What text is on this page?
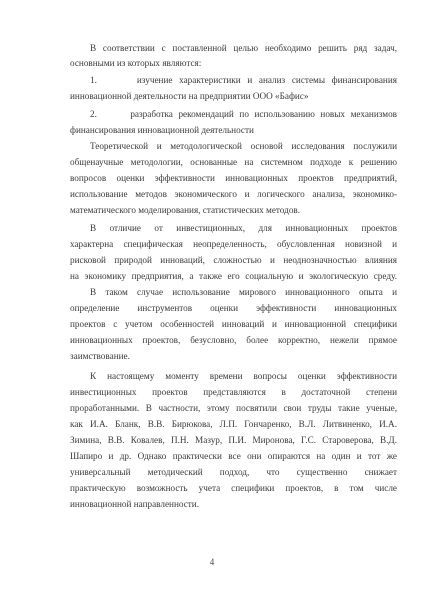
В соответствии с поставленной целью необходимо решить ряд задач,
основными из которых являются:
1.      изучение характеристики и анализ системы финансирования
инновационной деятельности на предприятии ООО «Бафис»
2.      разработка рекомендаций по использованию новых механизмов
финансирования инновационной деятельности
Теоретической и методологической основой исследования послужили
общенаучные методологии, основанные на системном подходе к решению
вопросов оценки эффективности инновационных проектов предприятий,
использование методов экономического и логического анализа, экономико-
математического моделирования, статистических методов.
В отличие от инвестиционных, для инновационных проектов
характерна специфическая неопределенность, обусловленная новизной и
рисковой природой инноваций, сложностью и неоднозначностью влияния
на экономику предприятия, а также его социальную и экологическую среду.
В таком случае использование мирового инновационного опыта и
определение инструментов оценки эффективности инновационных
проектов с учетом особенностей инноваций и инновационной специфики
инновационных проектов, безусловно, более корректно, нежели прямое
заимствование.
К настоящему моменту времени вопросы оценки эффективности
инвестиционных проектов представляются в достаточной степени
проработанными. В частности, этому посвятили свои труды такие ученые,
как И.А. Бланк, В.В. Бирюкова, Л.П. Гончаренко, В.Л. Литвиненко, И.А.
Зимина, В.В. Ковалев, П.Н. Мазур, П.И. Миронова, Г.С. Староверова, В.Д.
Шапиро и др. Однако практически все они опираются на один и тот же
универсальный методический подход, что существенно снижает
практическую возможность учета специфики проектов, в том числе
инновационной направленности.
4
